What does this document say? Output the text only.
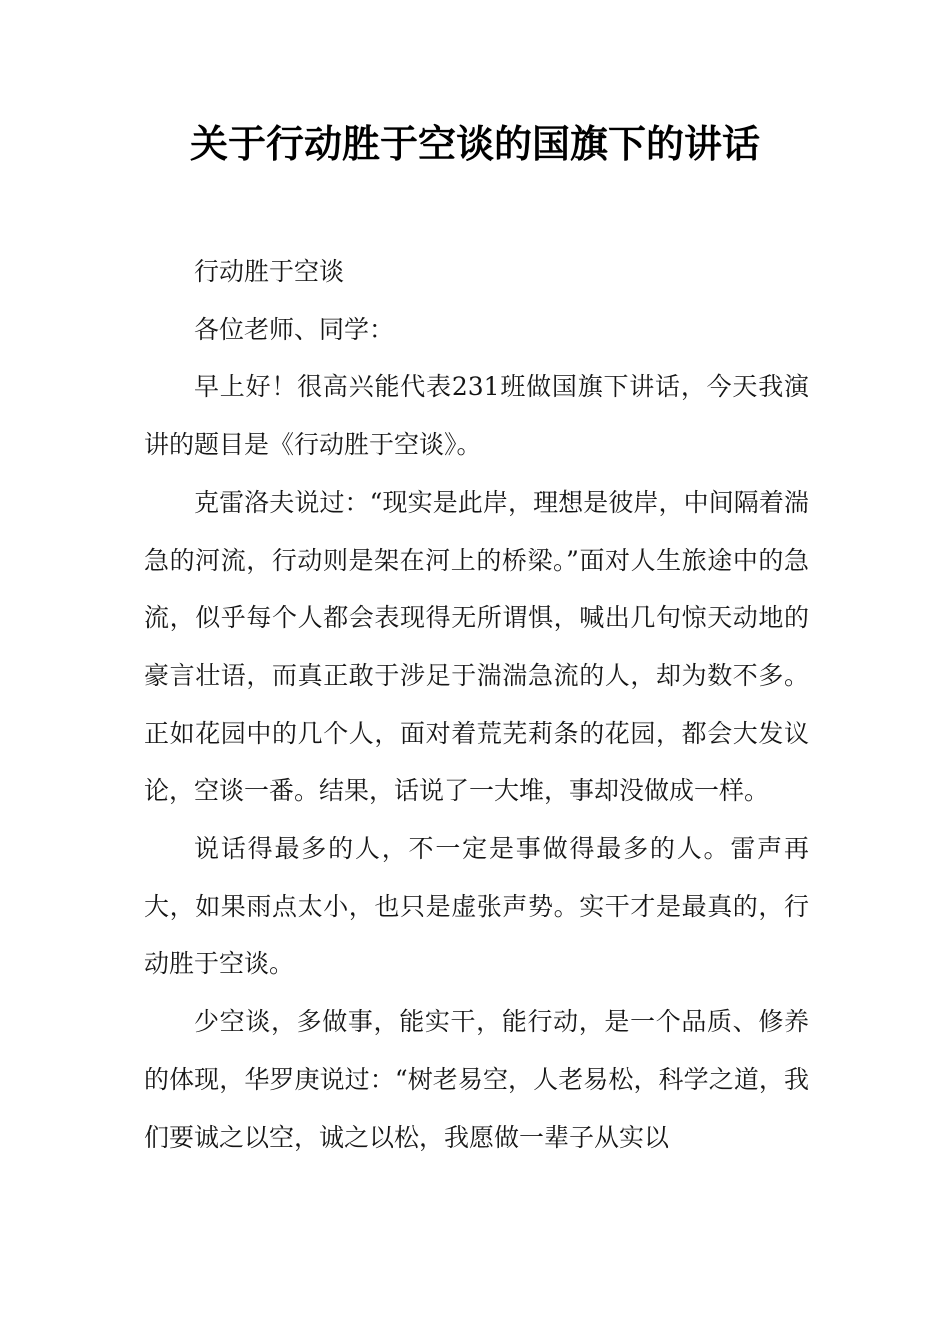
关于行动胜于空谈的国旗下的讲话

行动胜于空谈

各位老师、同学：

早上好！很高兴能代表231班做国旗下讲话，今天我演讲的题目是《行动胜于空谈》。

克雷洛夫说过：“现实是此岸，理想是彼岸，中间隔着湍急的河流，行动则是架在河上的桥梁。”面对人生旅途中的急流，似乎每个人都会表现得无所谓惧，喊出几句惊天动地的豪言壮语，而真正敢于涉足于湍湍急流的人，却为数不多。正如花园中的几个人，面对着荒芜莉条的花园，都会大发议论，空谈一番。结果，话说了一大堆，事却没做成一样。

说话得最多的人，不一定是事做得最多的人。雷声再大，如果雨点太小，也只是虚张声势。实干才是最真的，行动胜于空谈。

少空谈，多做事，能实干，能行动，是一个品质、修养的体现，华罗庚说过：“树老易空，人老易松，科学之道，我们要诚之以空，诚之以松，我愿做一辈子从实以
